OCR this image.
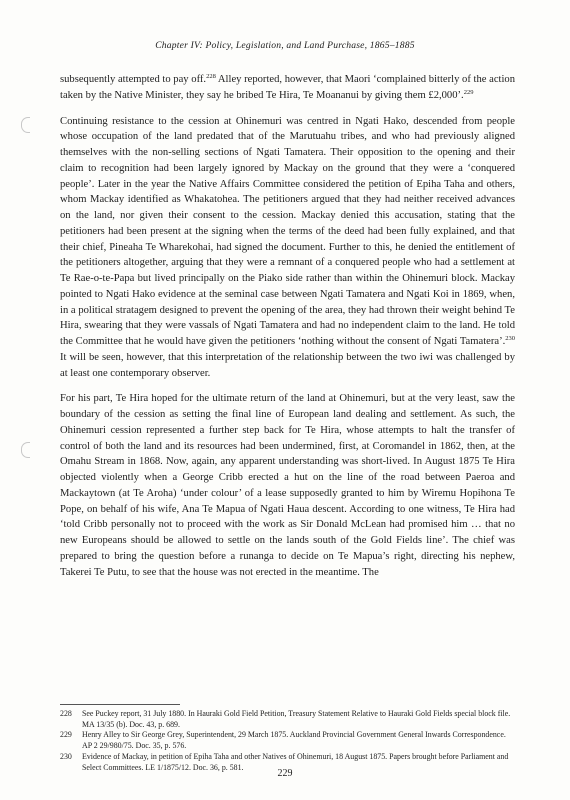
Chapter IV: Policy, Legislation, and Land Purchase, 1865–1885

subsequently attempted to pay off.$^{228}$ Alley reported, however, that Maori ‘complained bitterly of the action taken by the Native Minister, they say he bribed Te Hira, Te Moananui by giving them £2,000’.$^{229}$

Continuing resistance to the cession at Ohinemuri was centred in Ngati Hako, descended from people whose occupation of the land predated that of the Marutuahu tribes, and who had previously aligned themselves with the non-selling sections of Ngati Tamatera. Their opposition to the opening and their claim to recognition had been largely ignored by Mackay on the ground that they were a ‘conquered people’. Later in the year the Native Affairs Committee considered the petition of Epiha Taha and others, whom Mackay identified as Whakatohea. The petitioners argued that they had neither received advances on the land, nor given their consent to the cession. Mackay denied this accusation, stating that the petitioners had been present at the signing when the terms of the deed had been fully explained, and that their chief, Pineaha Te Wharekohai, had signed the document. Further to this, he denied the entitlement of the petitioners altogether, arguing that they were a remnant of a conquered people who had a settlement at Te Rae-o-te-Papa but lived principally on the Piako side rather than within the Ohinemuri block. Mackay pointed to Ngati Hako evidence at the seminal case between Ngati Tamatera and Ngati Koi in 1869, when, in a political stratagem designed to prevent the opening of the area, they had thrown their weight behind Te Hira, swearing that they were vassals of Ngati Tamatera and had no independent claim to the land. He told the Committee that he would have given the petitioners ‘nothing without the consent of Ngati Tamatera’.$^{230}$ It will be seen, however, that this interpretation of the relationship between the two iwi was challenged by at least one contemporary observer.

For his part, Te Hira hoped for the ultimate return of the land at Ohinemuri, but at the very least, saw the boundary of the cession as setting the final line of European land dealing and settlement. As such, the Ohinemuri cession represented a further step back for Te Hira, whose attempts to halt the transfer of control of both the land and its resources had been undermined, first, at Coromandel in 1862, then, at the Omahu Stream in 1868. Now, again, any apparent understanding was short-lived. In August 1875 Te Hira objected violently when a George Cribb erected a hut on the line of the road between Paeroa and Mackaytown (at Te Aroha) ‘under colour’ of a lease supposedly granted to him by Wiremu Hopihona Te Pope, on behalf of his wife, Ana Te Mapua of Ngati Haua descent. According to one witness, Te Hira had ‘told Cribb personally not to proceed with the work as Sir Donald McLean had promised him … that no new Europeans should be allowed to settle on the lands south of the Gold Fields line’. The chief was prepared to bring the question before a runanga to decide on Te Mapua’s right, directing his nephew, Takerei Te Putu, to see that the house was not erected in the meantime. The

228	See Puckey report, 31 July 1880. In Hauraki Gold Field Petition, Treasury Statement Relative to Hauraki Gold Fields special block file. MA 13/35 (b). Doc. 43, p. 689.
229	Henry Alley to Sir George Grey, Superintendent, 29 March 1875. Auckland Provincial Government General Inwards Correspondence. AP 2 29/980/75. Doc. 35, p. 576.
230	Evidence of Mackay, in petition of Epiha Taha and other Natives of Ohinemuri, 18 August 1875. Papers brought before Parliament and Select Committees. LE 1/1875/12. Doc. 36, p. 581.
229
